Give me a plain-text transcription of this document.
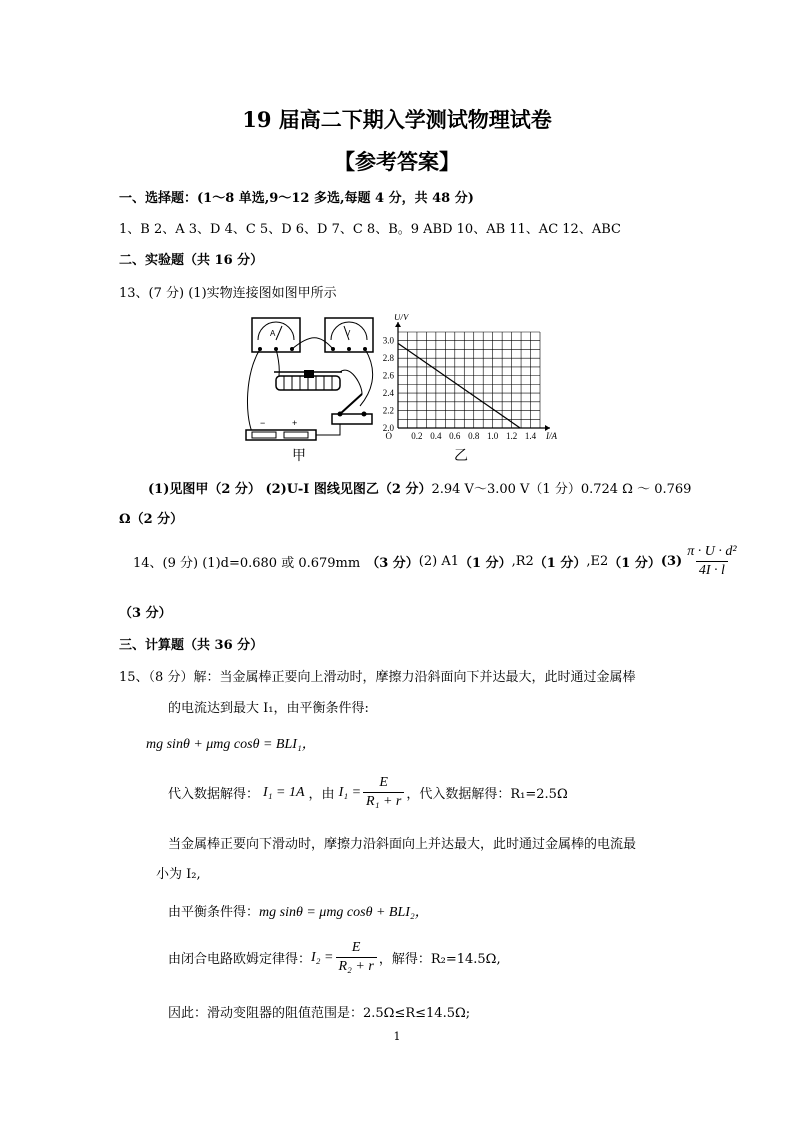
19 届高二下期入学测试物理试卷
【参考答案】
一、选择题：(1～8 单选,9～12 多选,每题 4 分，共 48 分)
1、B 2、A 3、D 4、C 5、D 6、D 7、C 8、B。9 ABD 10、AB 11、AC 12、ABC
二、实验题（共 16 分）
13、(7 分) (1)实物连接图如图甲所示
A	V
−	+
甲
0.2 0.4 0.6 0.8 1.0 1.2 1.4
2.0
2.2
2.4
2.6
2.8
3.0
O
U/V
I/A
乙
(1)见图甲（2 分） (2)U-I 图线见图乙（2 分）2.94 V～3.00 V（1 分）0.724 Ω ～ 0.769
Ω（2 分）
14、(9 分) (1)d=0.680 或 0.679mm （3 分） (2) A1 （1 分） ,R2 （1 分） ,E2 （1 分） $(3) \frac{\text{π · U · d²}}{4I \cdot l}$
（3 分）
三、计算题（共 36 分）
15、（8 分）解：当金属棒正要向上滑动时，摩擦力沿斜面向下并达最大，此时通过金属棒
的电流达到最大 I₁，由平衡条件得:
mg sinθ + μmg cosθ = BLI₁，
代入数据解得： I₁ = 1A ，由 $I_1 = \frac{E}{\text{R₁ + r}}$ ，代入数据解得：R₁=2.5Ω
当金属棒正要向下滑动时，摩擦力沿斜面向上并达最大，此时通过金属棒的电流最
小为 I₂,
由平衡条件得：mg sinθ = μmg cosθ + BLI₂，
由闭合电路欧姆定律得： $I_2 = \frac{E}{\text{R₂ + r}}$ ，解得：R₂=14.5Ω,
因此：滑动变阻器的阻值范围是：2.5Ω≤R≤14.5Ω;
1
